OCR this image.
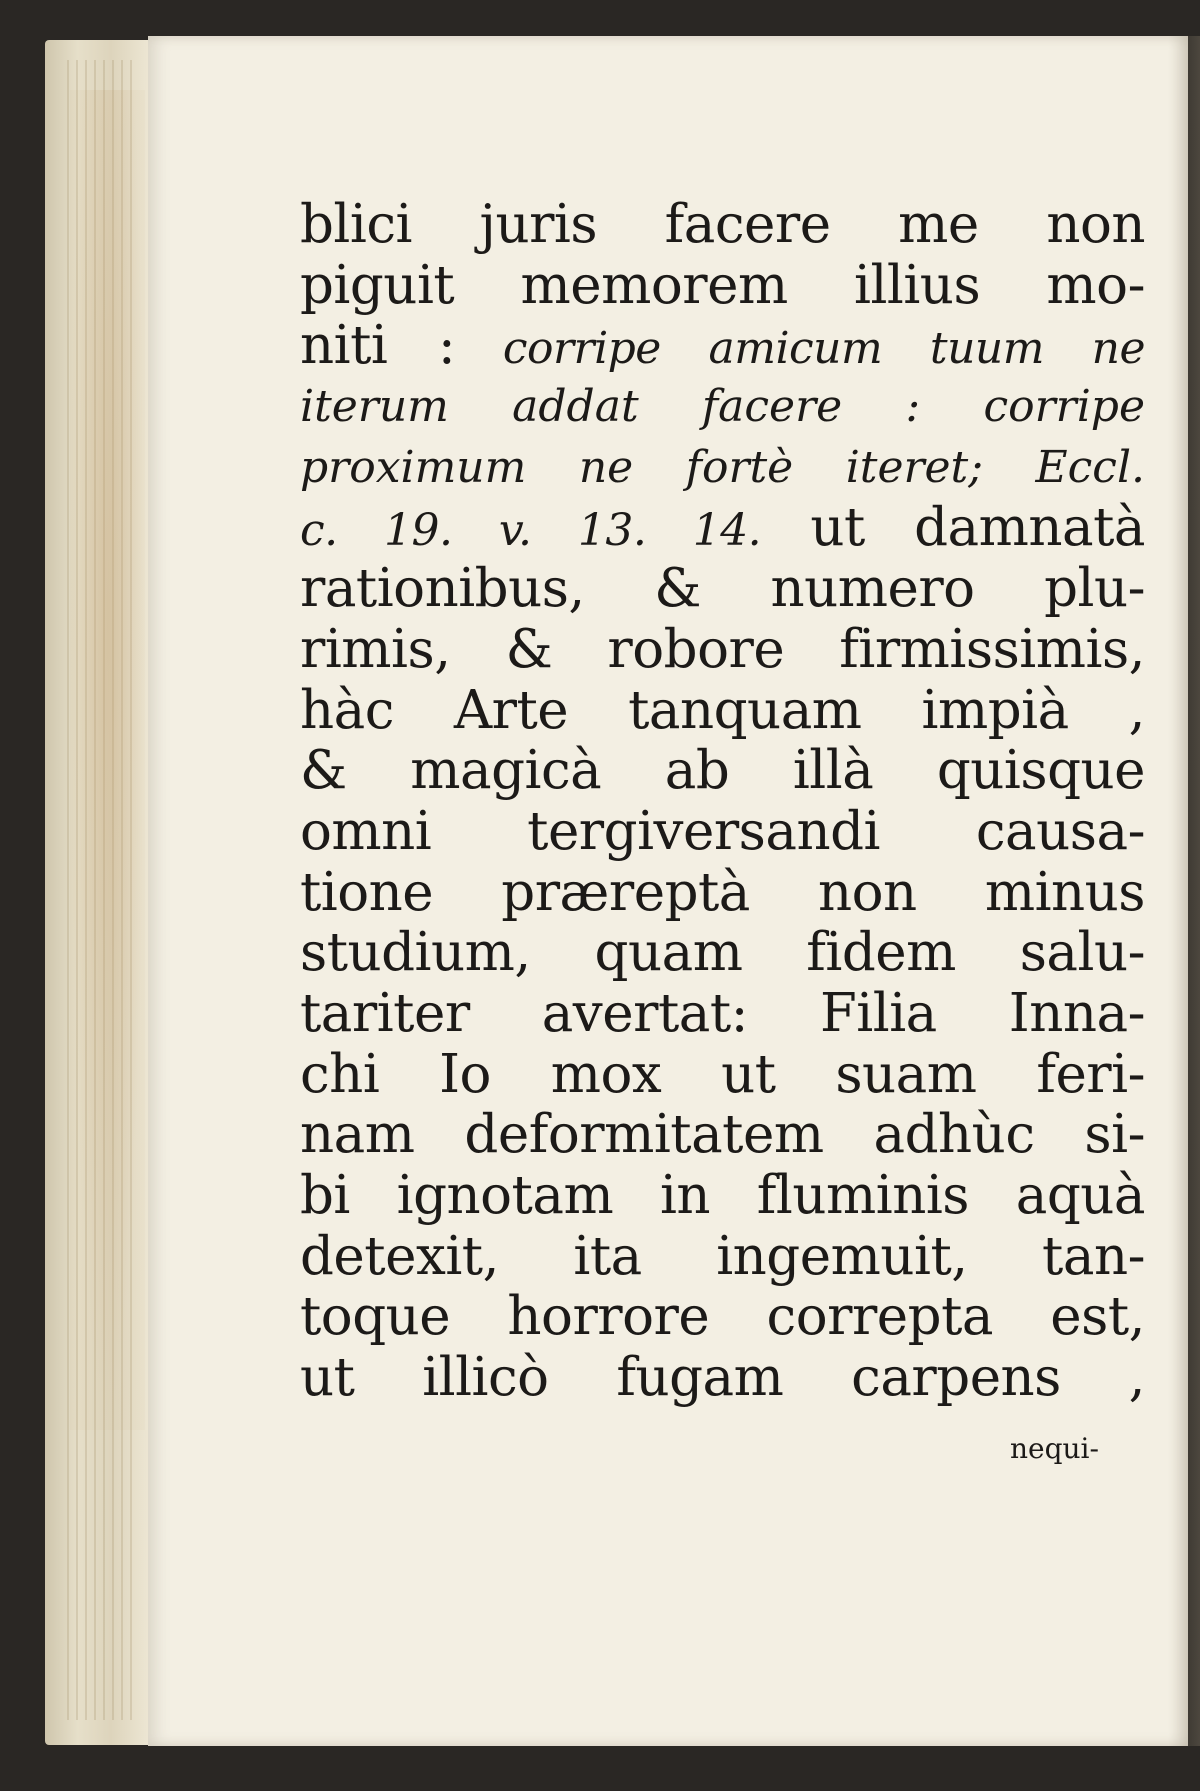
blici juris facere me non
piguit memorem illius mo-
niti : corripe amicum tuum ne
iterum addat facere : corripe
proximum ne fortè iteret; Eccl.
c. 19. v. 13. 14. ut damnatà
rationibus, & numero plu-
rimis, & robore firmissimis,
hàc Arte tanquam impià ,
& magicà ab illà quisque
omni tergiversandi causa-
tione præreptà non minus
studium, quam fidem salu-
tariter avertat: Filia Inna-
chi Io mox ut suam feri-
nam deformitatem adhùc si-
bi ignotam in fluminis aquà
detexit, ita ingemuit, tan-
toque horrore correpta est,
ut illicò fugam carpens ,
nequi-
